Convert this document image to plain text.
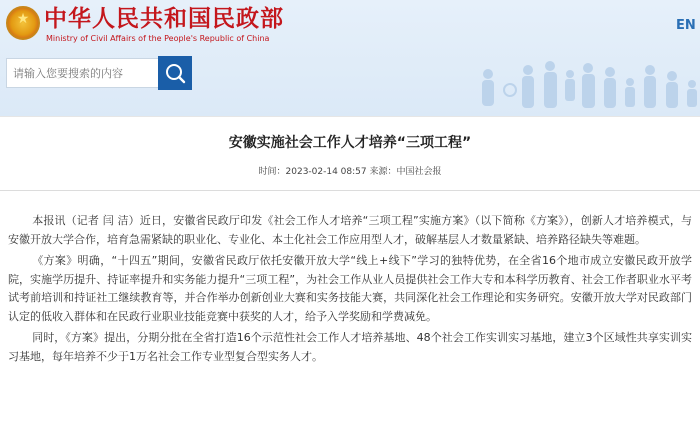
★ 中华人民共和国民政部
Ministry of Civil Affairs of the People's Republic of China
EN
请输入您要搜索的内容
安徽实施社会工作人才培养“三项工程”
时间：2023-02-14 08:57 来源：中国社会报

本报讯（记者 闫 洁）近日，安徽省民政厅印发《社会工作人才培养“三项工程”实施方案》（以下简称《方案》），创新人才培养模式，与安徽开放大学合作，培育急需紧缺的职业化、专业化、本土化社会工作应用型人才，破解基层人才数量紧缺、培养路径缺失等难题。

《方案》明确，“十四五”期间，安徽省民政厅依托安徽开放大学“线上+线下”学习的独特优势，在全省16个地市成立安徽民政开放学院，实施学历提升、持证率提升和实务能力提升“三项工程”，为社会工作从业人员提供社会工作大专和本科学历教育、社会工作者职业水平考试考前培训和持证社工继续教育等，并合作举办创新创业大赛和实务技能大赛，共同深化社会工作理论和实务研究。安徽开放大学对民政部门认定的低收入群体和在民政行业职业技能竞赛中获奖的人才，给予入学奖励和学费减免。

同时，《方案》提出，分期分批在全省打造16个示范性社会工作人才培养基地、48个社会工作实训实习基地，建立3个区域性共享实训实习基地，每年培养不少于1万名社会工作专业型复合型实务人才。
